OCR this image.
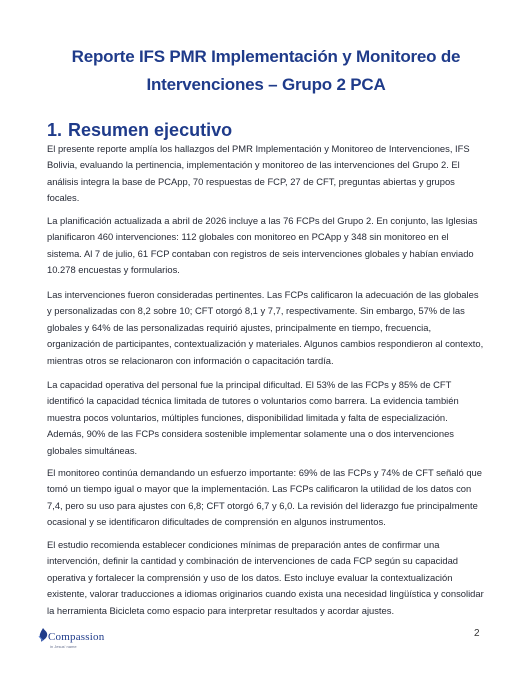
Reporte IFS PMR Implementación y Monitoreo de
Intervenciones – Grupo 2 PCA
1. Resumen ejecutivo

El presente reporte amplía los hallazgos del PMR Implementación y Monitoreo de Intervenciones, IFS Bolivia, evaluando la pertinencia, implementación y monitoreo de las intervenciones del Grupo 2. El análisis integra la base de PCApp, 70 respuestas de FCP, 27 de CFT, preguntas abiertas y grupos focales.

La planificación actualizada a abril de 2026 incluye a las 76 FCPs del Grupo 2. En conjunto, las Iglesias planificaron 460 intervenciones: 112 globales con monitoreo en PCApp y 348 sin monitoreo en el sistema. Al 7 de julio, 61 FCP contaban con registros de seis intervenciones globales y habían enviado 10.278 encuestas y formularios.

Las intervenciones fueron consideradas pertinentes. Las FCPs calificaron la adecuación de las globales y personalizadas con 8,2 sobre 10; CFT otorgó 8,1 y 7,7, respectivamente. Sin embargo, 57% de las globales y 64% de las personalizadas requirió ajustes, principalmente en tiempo, frecuencia, organización de participantes, contextualización y materiales. Algunos cambios respondieron al contexto, mientras otros se relacionaron con información o capacitación tardía.

La capacidad operativa del personal fue la principal dificultad. El 53% de las FCPs y 85% de CFT identificó la capacidad técnica limitada de tutores o voluntarios como barrera. La evidencia también muestra pocos voluntarios, múltiples funciones, disponibilidad limitada y falta de especialización. Además, 90% de las FCPs considera sostenible implementar solamente una o dos intervenciones globales simultáneas.

El monitoreo continúa demandando un esfuerzo importante: 69% de las FCPs y 74% de CFT señaló que tomó un tiempo igual o mayor que la implementación. Las FCPs calificaron la utilidad de los datos con 7,4, pero su uso para ajustes con 6,8; CFT otorgó 6,7 y 6,0. La revisión del liderazgo fue principalmente ocasional y se identificaron dificultades de comprensión en algunos instrumentos.

El estudio recomienda establecer condiciones mínimas de preparación antes de confirmar una intervención, definir la cantidad y combinación de intervenciones de cada FCP según su capacidad operativa y fortalecer la comprensión y uso de los datos. Esto incluye evaluar la contextualización existente, valorar traducciones a idiomas originarios cuando exista una necesidad lingüística y consolidar la herramienta Bicicleta como espacio para interpretar resultados y acordar ajustes.

Compassion
in Jesus' name
2
